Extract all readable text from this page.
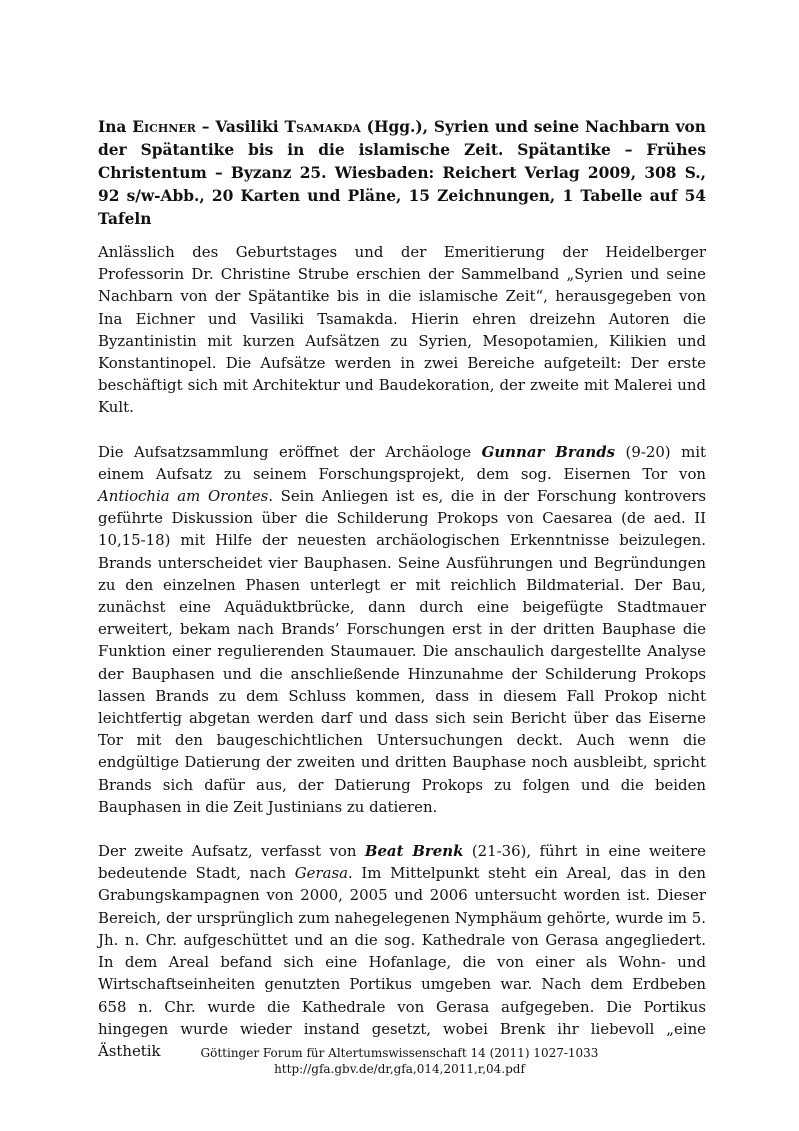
Ina Eichner – Vasiliki Tsamakda (Hgg.), Syrien und seine Nachbarn von der Spätantike bis in die islamische Zeit. Spätantike – Frühes Christentum – Byzanz 25. Wiesbaden: Reichert Verlag 2009, 308 S., 92 s/w-Abb., 20 Karten und Pläne, 15 Zeichnungen, 1 Tabelle auf 54 Tafeln

Anlässlich des Geburtstages und der Emeritierung der Heidelberger Professorin Dr. Christine Strube erschien der Sammelband „Syrien und seine Nachbarn von der Spätantike bis in die islamische Zeit“, herausgegeben von Ina Eichner und Vasiliki Tsamakda. Hierin ehren dreizehn Autoren die Byzantinistin mit kurzen Aufsätzen zu Syrien, Mesopotamien, Kilikien und Konstantinopel. Die Aufsätze werden in zwei Bereiche aufgeteilt: Der erste beschäftigt sich mit Architektur und Baudekoration, der zweite mit Malerei und Kult.

Die Aufsatzsammlung eröffnet der Archäologe Gunnar Brands (9-20) mit einem Aufsatz zu seinem Forschungsprojekt, dem sog. Eisernen Tor von Antiochia am Orontes. Sein Anliegen ist es, die in der Forschung kontrovers geführte Diskussion über die Schilderung Prokops von Caesarea (de aed. II 10,15-18) mit Hilfe der neuesten archäologischen Erkenntnisse beizulegen. Brands unterscheidet vier Bauphasen. Seine Ausführungen und Begründungen zu den einzelnen Phasen unterlegt er mit reichlich Bildmaterial. Der Bau, zunächst eine Aquäduktbrücke, dann durch eine beigefügte Stadtmauer erweitert, bekam nach Brands’ Forschungen erst in der dritten Bauphase die Funktion einer regulierenden Staumauer. Die anschaulich dargestellte Analyse der Bauphasen und die anschließende Hinzunahme der Schilderung Prokops lassen Brands zu dem Schluss kommen, dass in diesem Fall Prokop nicht leichtfertig abgetan werden darf und dass sich sein Bericht über das Eiserne Tor mit den baugeschichtlichen Untersuchungen deckt. Auch wenn die endgültige Datierung der zweiten und dritten Bauphase noch ausbleibt, spricht Brands sich dafür aus, der Datierung Prokops zu folgen und die beiden Bauphasen in die Zeit Justinians zu datieren.

Der zweite Aufsatz, verfasst von Beat Brenk (21-36), führt in eine weitere bedeutende Stadt, nach Gerasa. Im Mittelpunkt steht ein Areal, das in den Grabungskampagnen von 2000, 2005 und 2006 untersucht worden ist. Dieser Bereich, der ursprünglich zum nahegelegenen Nymphäum gehörte, wurde im 5. Jh. n. Chr. aufgeschüttet und an die sog. Kathedrale von Gerasa angegliedert. In dem Areal befand sich eine Hofanlage, die von einer als Wohn- und Wirtschaftseinheiten genutzten Portikus umgeben war. Nach dem Erdbeben 658 n. Chr. wurde die Kathedrale von Gerasa aufgegeben. Die Portikus hingegen wurde wieder instand gesetzt, wobei Brenk ihr liebevoll „eine Ästhetik	Göttinger Forum für Altertumswissenschaft 14 (2011) 1027-1033
http://gfa.gbv.de/dr,gfa,014,2011,r,04.pdf
